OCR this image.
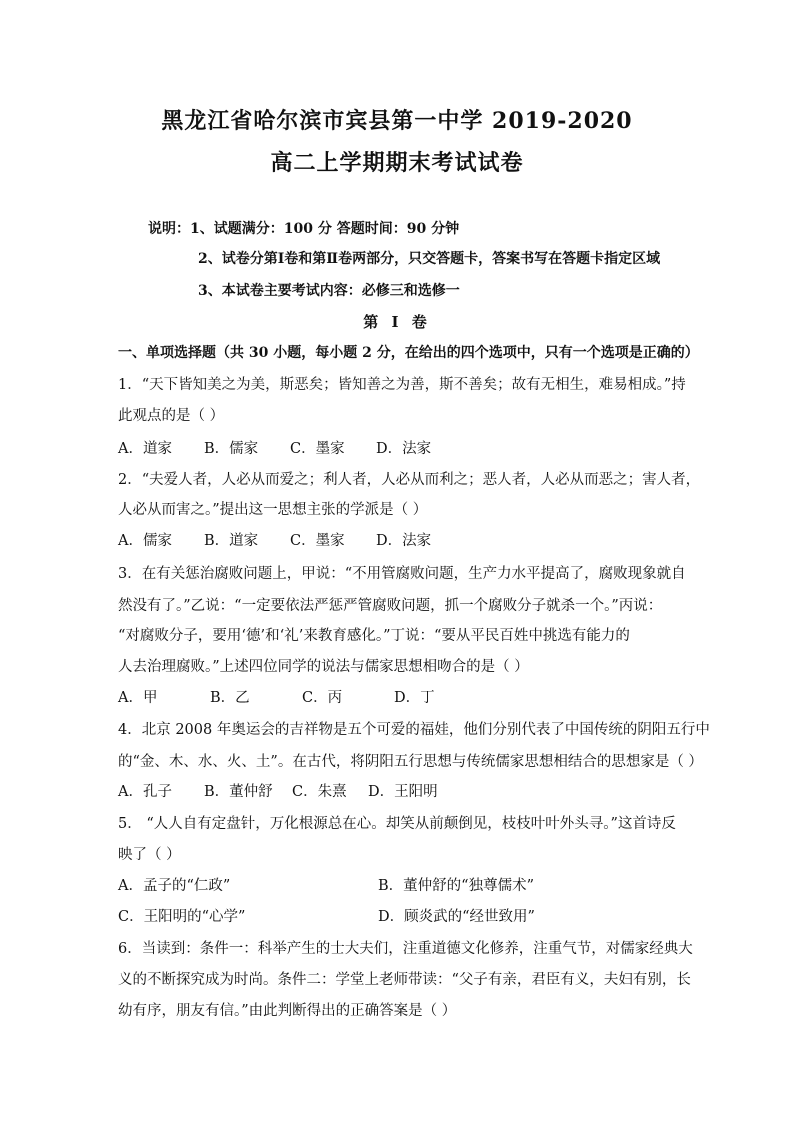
黑龙江省哈尔滨市宾县第一中学 2019-2020
高二上学期期末考试试卷
说明：1、试题满分：100 分 答题时间：90 分钟
2、试卷分第Ⅰ卷和第Ⅱ卷两部分，只交答题卡，答案书写在答题卡指定区域
3、本试卷主要考试内容：必修三和选修一
第 Ⅰ 卷
一、单项选择题（共 30 小题，每小题 2 分，在给出的四个选项中，只有一个选项是正确的）
1．“天下皆知美之为美，斯恶矣；皆知善之为善，斯不善矣；故有无相生，难易相成。”持
此观点的是（ ）
A．道家 B．儒家 C．墨家 D．法家
2．“夫爱人者，人必从而爱之；利人者，人必从而利之；恶人者，人必从而恶之；害人者，
人必从而害之。”提出这一思想主张的学派是（ ）
A．儒家 B．道家 C．墨家 D．法家
3．在有关惩治腐败问题上，甲说：“不用管腐败问题，生产力水平提高了，腐败现象就自
然没有了。”乙说：“一定要依法严惩严管腐败问题，抓一个腐败分子就杀一个。”丙说：
“对腐败分子，要用‘德’和‘礼’来教育感化。”丁说：“要从平民百姓中挑选有能力的
人去治理腐败。”上述四位同学的说法与儒家思想相吻合的是（ ）
A．甲	B．乙	C．丙	D．丁
4．北京 2008 年奥运会的吉祥物是五个可爱的福娃，他们分别代表了中国传统的阴阳五行中
的“金、木、水、火、土”。在古代，将阴阳五行思想与传统儒家思想相结合的思想家是（ ）
A．孔子 B．董仲舒 C．朱熹 D．王阳明
5． “人人自有定盘针，万化根源总在心。却笑从前颠倒见，枝枝叶叶外头寻。”这首诗反
映了（ ）
A．孟子的“仁政”	B．董仲舒的“独尊儒术”
C．王阳明的“心学”	D．顾炎武的“经世致用”
6．当读到：条件一：科举产生的士大夫们，注重道德文化修养，注重气节，对儒家经典大
义的不断探究成为时尚。条件二：学堂上老师带读：“父子有亲，君臣有义，夫妇有别，长
幼有序，朋友有信。”由此判断得出的正确答案是（ ）
